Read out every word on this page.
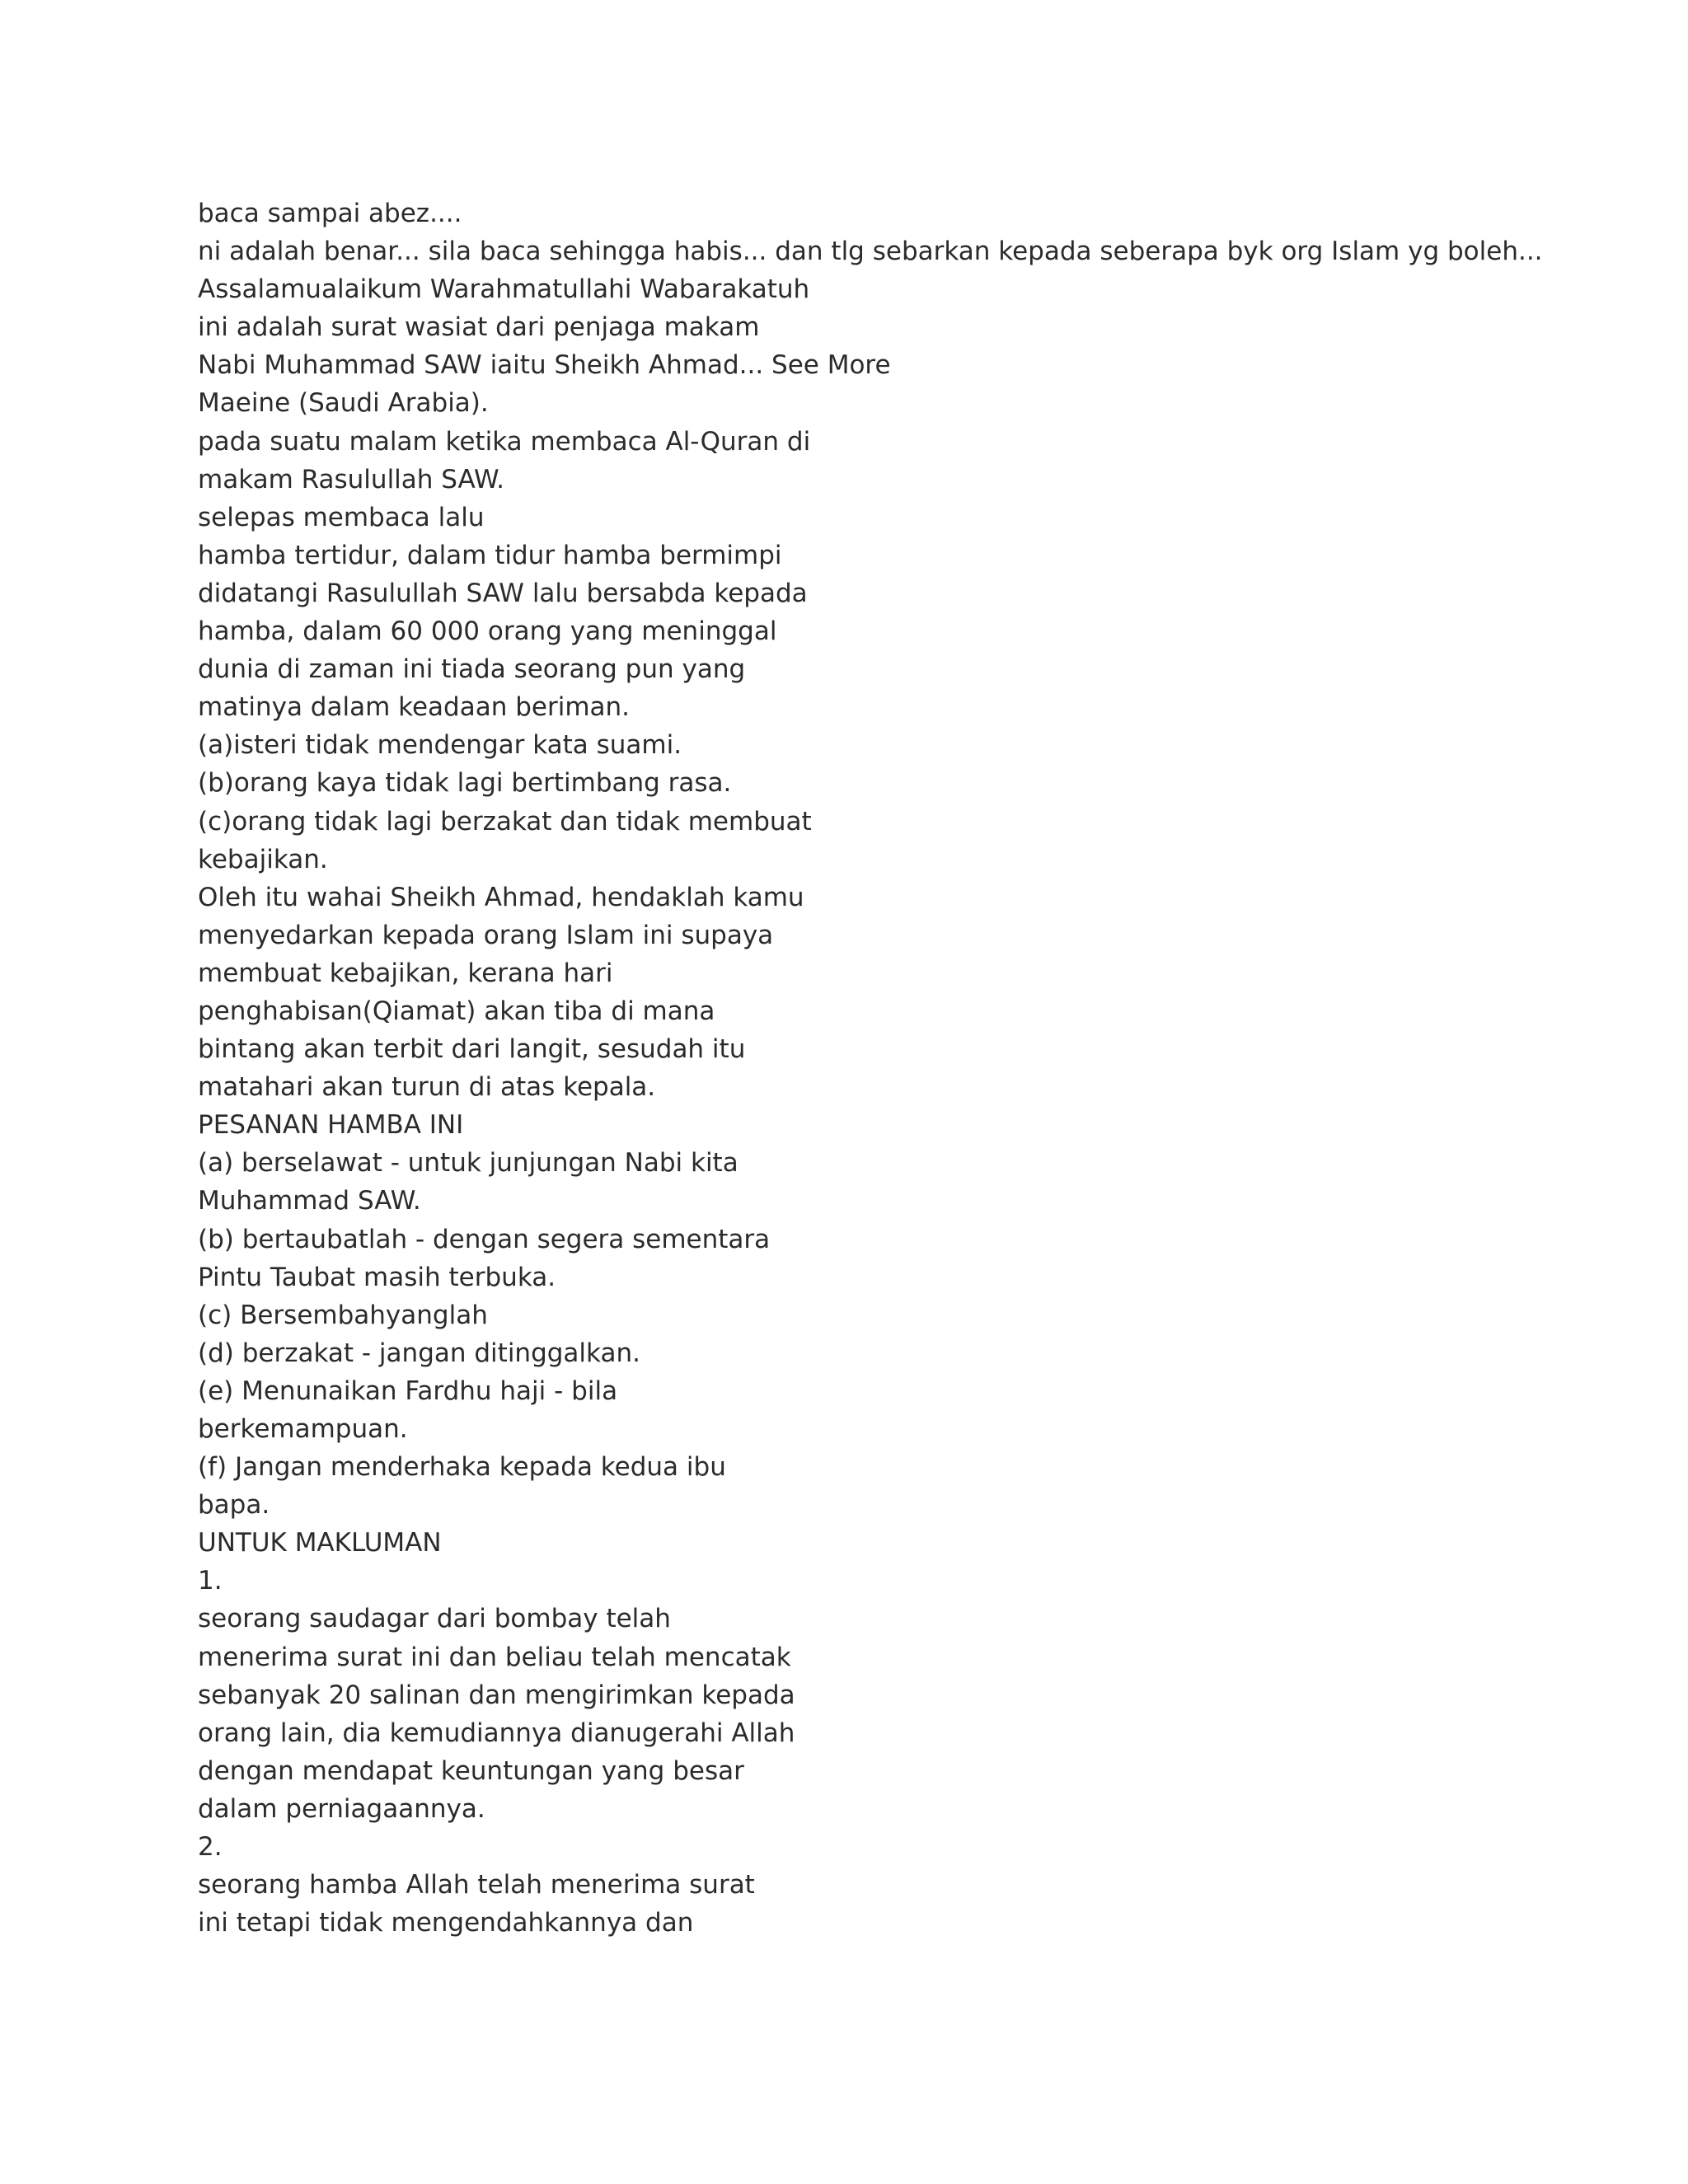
baca sampai abez....
ni adalah benar... sila baca sehingga habis... dan tlg sebarkan kepada seberapa byk org Islam yg boleh...
Assalamualaikum Warahmatullahi Wabarakatuh
ini adalah surat wasiat dari penjaga makam
Nabi Muhammad SAW iaitu Sheikh Ahmad... See More
Maeine (Saudi Arabia).
pada suatu malam ketika membaca Al-Quran di
makam Rasulullah SAW.
selepas membaca lalu
hamba tertidur, dalam tidur hamba bermimpi
didatangi Rasulullah SAW lalu bersabda kepada
hamba, dalam 60 000 orang yang meninggal
dunia di zaman ini tiada seorang pun yang
matinya dalam keadaan beriman.
(a)isteri tidak mendengar kata suami.
(b)orang kaya tidak lagi bertimbang rasa.
(c)orang tidak lagi berzakat dan tidak membuat
kebajikan.
Oleh itu wahai Sheikh Ahmad, hendaklah kamu
menyedarkan kepada orang Islam ini supaya
membuat kebajikan, kerana hari
penghabisan(Qiamat) akan tiba di mana
bintang akan terbit dari langit, sesudah itu
matahari akan turun di atas kepala.
PESANAN HAMBA INI
(a) berselawat - untuk junjungan Nabi kita
Muhammad SAW.
(b) bertaubatlah - dengan segera sementara
Pintu Taubat masih terbuka.
(c) Bersembahyanglah
(d) berzakat - jangan ditinggalkan.
(e) Menunaikan Fardhu haji - bila
berkemampuan.
(f) Jangan menderhaka kepada kedua ibu
bapa.
UNTUK MAKLUMAN
1.
seorang saudagar dari bombay telah
menerima surat ini dan beliau telah mencatak
sebanyak 20 salinan dan mengirimkan kepada
orang lain, dia kemudiannya dianugerahi Allah
dengan mendapat keuntungan yang besar
dalam perniagaannya.
2.
seorang hamba Allah telah menerima surat
ini tetapi tidak mengendahkannya dan
